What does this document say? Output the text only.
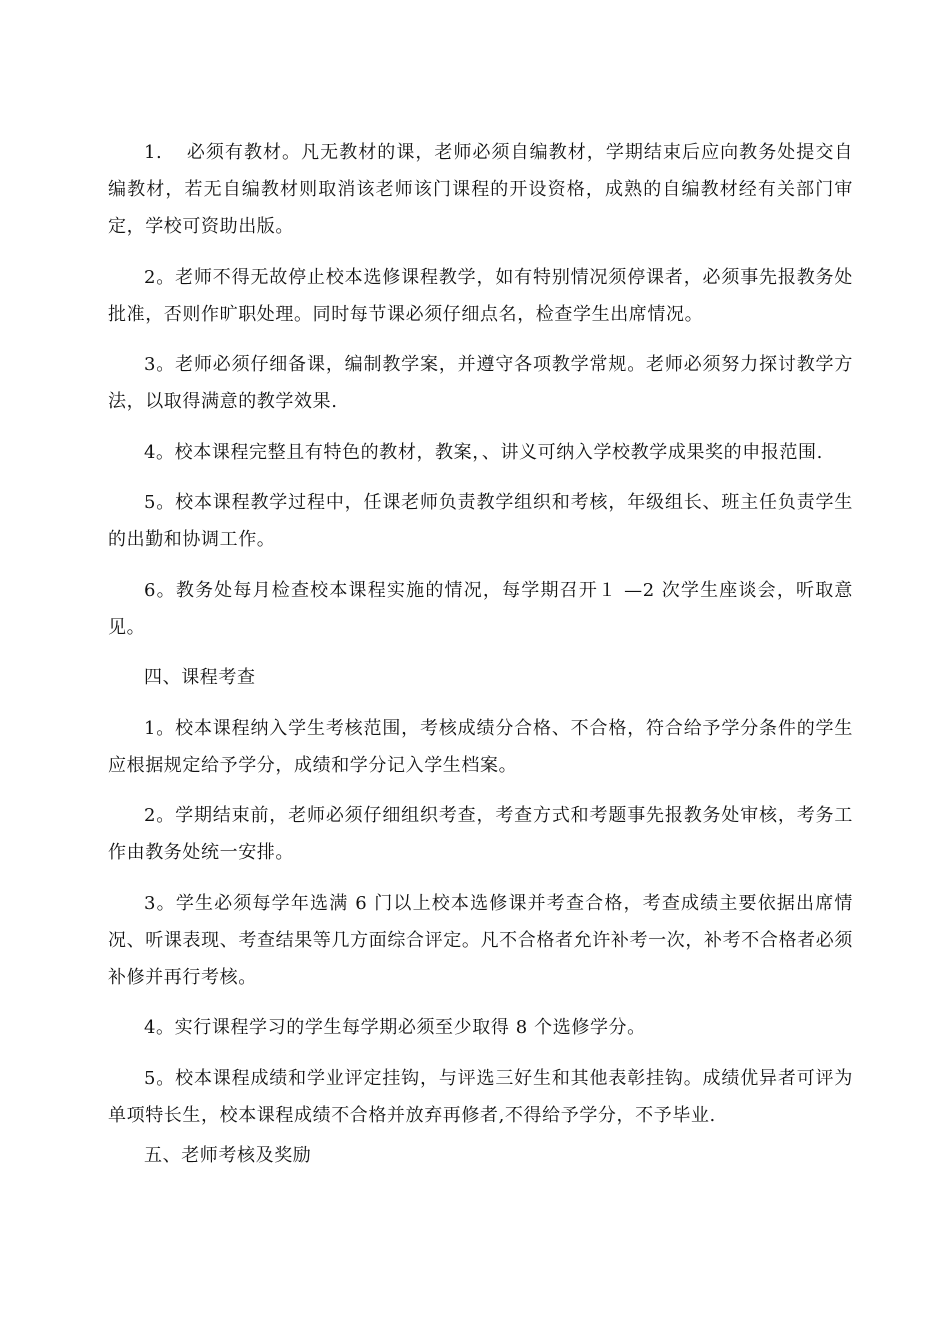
1. 必须有教材。凡无教材的课，老师必须自编教材，学期结束后应向教务处提交自编教材，若无自编教材则取消该老师该门课程的开设资格，成熟的自编教材经有关部门审定，学校可资助出版。

2。老师不得无故停止校本选修课程教学，如有特别情况须停课者，必须事先报教务处批准，否则作旷职处理。同时每节课必须仔细点名，检查学生出席情况。

3。老师必须仔细备课，编制教学案，并遵守各项教学常规。老师必须努力探讨教学方法，以取得满意的教学效果.

4。校本课程完整且有特色的教材，教案，、讲义可纳入学校教学成果奖的申报范围.

5。校本课程教学过程中，任课老师负责教学组织和考核，年级组长、班主任负责学生的出勤和协调工作。

6。教务处每月检查校本课程实施的情况，每学期召开１ —2 次学生座谈会，听取意见。

四、课程考查

1。校本课程纳入学生考核范围，考核成绩分合格、不合格，符合给予学分条件的学生应根据规定给予学分，成绩和学分记入学生档案。

2。学期结束前，老师必须仔细组织考查，考查方式和考题事先报教务处审核，考务工作由教务处统一安排。

3。学生必须每学年选满 6 门以上校本选修课并考查合格，考查成绩主要依据出席情况、听课表现、考查结果等几方面综合评定。凡不合格者允许补考一次，补考不合格者必须补修并再行考核。

4。实行课程学习的学生每学期必须至少取得 8 个选修学分。

5。校本课程成绩和学业评定挂钩，与评选三好生和其他表彰挂钩。成绩优异者可评为单项特长生，校本课程成绩不合格并放弃再修者,不得给予学分，不予毕业.

五、老师考核及奖励
